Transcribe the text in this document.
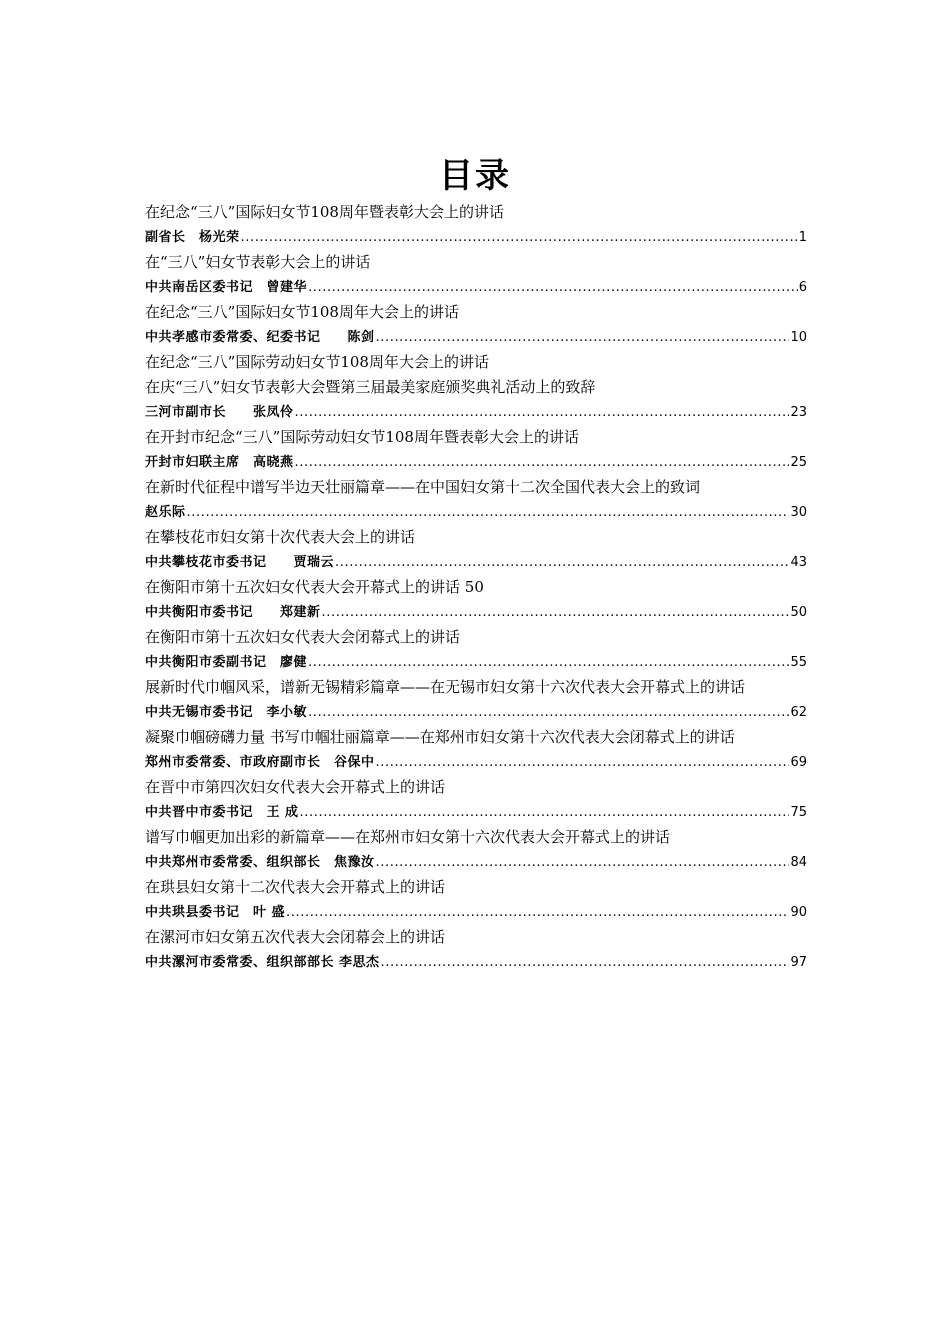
目录
在纪念“三八”国际妇女节108周年暨表彰大会上的讲话
副省长　杨光荣 .....	1
在“三八”妇女节表彰大会上的讲话
中共南岳区委书记　曾建华 .....	6
在纪念“三八”国际妇女节108周年大会上的讲话
中共孝感市委常委、纪委书记　　陈剑 .....	10
在纪念“三八”国际劳动妇女节108周年大会上的讲话
在庆“三八”妇女节表彰大会暨第三届最美家庭颁奖典礼活动上的致辞
三河市副市长　　张凤伶 .....	23
在开封市纪念“三八”国际劳动妇女节108周年暨表彰大会上的讲话
开封市妇联主席　高晓燕 .....	25
在新时代征程中谱写半边天壮丽篇章——在中国妇女第十二次全国代表大会上的致词
赵乐际 .....	30
在攀枝花市妇女第十次代表大会上的讲话
中共攀枝花市委书记　　贾瑞云 .....	43
在衡阳市第十五次妇女代表大会开幕式上的讲话 50
中共衡阳市委书记　　郑建新 .....	50
在衡阳市第十五次妇女代表大会闭幕式上的讲话
中共衡阳市委副书记　廖健 .....	55
展新时代巾帼风采，谱新无锡精彩篇章——在无锡市妇女第十六次代表大会开幕式上的讲话
中共无锡市委书记　李小敏 .....	62
凝聚巾帼磅礴力量 书写巾帼壮丽篇章——在郑州市妇女第十六次代表大会闭幕式上的讲话
郑州市委常委、市政府副市长　谷保中 .....	69
在晋中市第四次妇女代表大会开幕式上的讲话
中共晋中市委书记　王 成 .....	75
谱写巾帼更加出彩的新篇章——在郑州市妇女第十六次代表大会开幕式上的讲话
中共郑州市委常委、组织部长　焦豫汝 .....	84
在珙县妇女第十二次代表大会开幕式上的讲话
中共珙县委书记　叶 盛 .....	90
在漯河市妇女第五次代表大会闭幕会上的讲话
中共漯河市委常委、组织部部长 李思杰 .....	97
